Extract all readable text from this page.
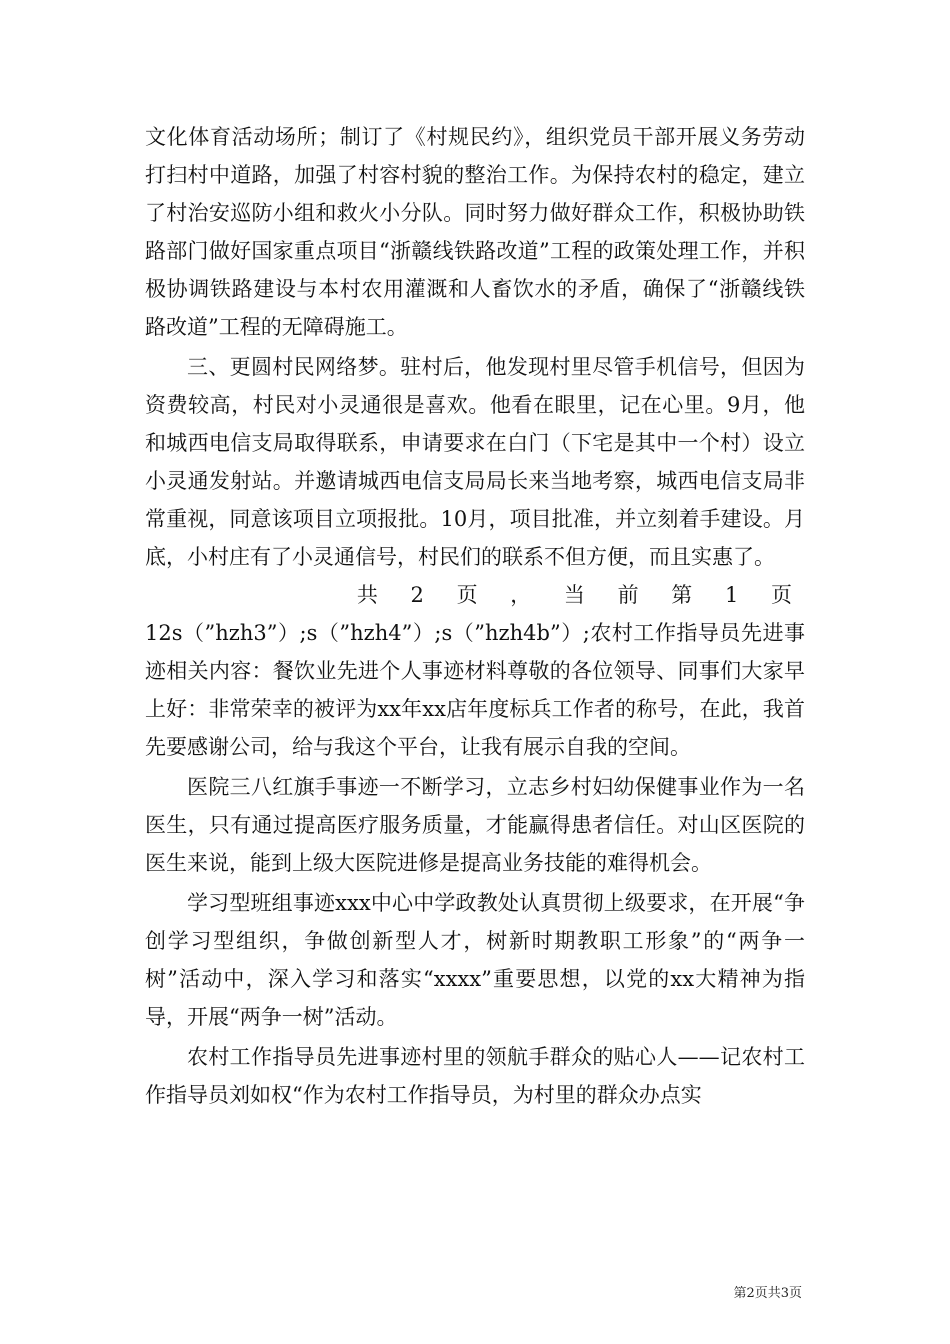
文化体育活动场所；制订了《村规民约》，组织党员干部开展义务劳动打扫村中道路，加强了村容村貌的整治工作。为保持农村的稳定，建立了村治安巡防小组和救火小分队。同时努力做好群众工作，积极协助铁路部门做好国家重点项目“浙赣线铁路改道”工程的政策处理工作，并积极协调铁路建设与本村农用灌溉和人畜饮水的矛盾，确保了“浙赣线铁路改道”工程的无障碍施工。

三、更圆村民网络梦。驻村后，他发现村里尽管手机信号，但因为资费较高，村民对小灵通很是喜欢。他看在眼里，记在心里。9月，他和城西电信支局取得联系，申请要求在白门（下宅是其中一个村）设立小灵通发射站。并邀请城西电信支局局长来当地考察，城西电信支局非常重视，同意该项目立项报批。10月，项目批准，并立刻着手建设。月底，小村庄有了小灵通信号，村民们的联系不但方便，而且实惠了。

共 2 页 ， 当 前 第 1 页

12s（”hzh3”）;s（”hzh4”）;s（”hzh4b”）;农村工作指导员先进事迹相关内容：餐饮业先进个人事迹材料尊敬的各位领导、同事们大家早上好：非常荣幸的被评为xx年xx店年度标兵工作者的称号，在此，我首先要感谢公司，给与我这个平台，让我有展示自我的空间。

医院三八红旗手事迹一不断学习，立志乡村妇幼保健事业作为一名医生，只有通过提高医疗服务质量，才能赢得患者信任。对山区医院的医生来说，能到上级大医院进修是提高业务技能的难得机会。

学习型班组事迹xxx中心中学政教处认真贯彻上级要求，在开展“争创学习型组织，争做创新型人才，树新时期教职工形象”的“两争一树”活动中，深入学习和落实“xxxx”重要思想，以党的xx大精神为指导，开展“两争一树”活动。

农村工作指导员先进事迹村里的领航手群众的贴心人——记农村工作指导员刘如权“作为农村工作指导员，为村里的群众办点实

第2页共3页
